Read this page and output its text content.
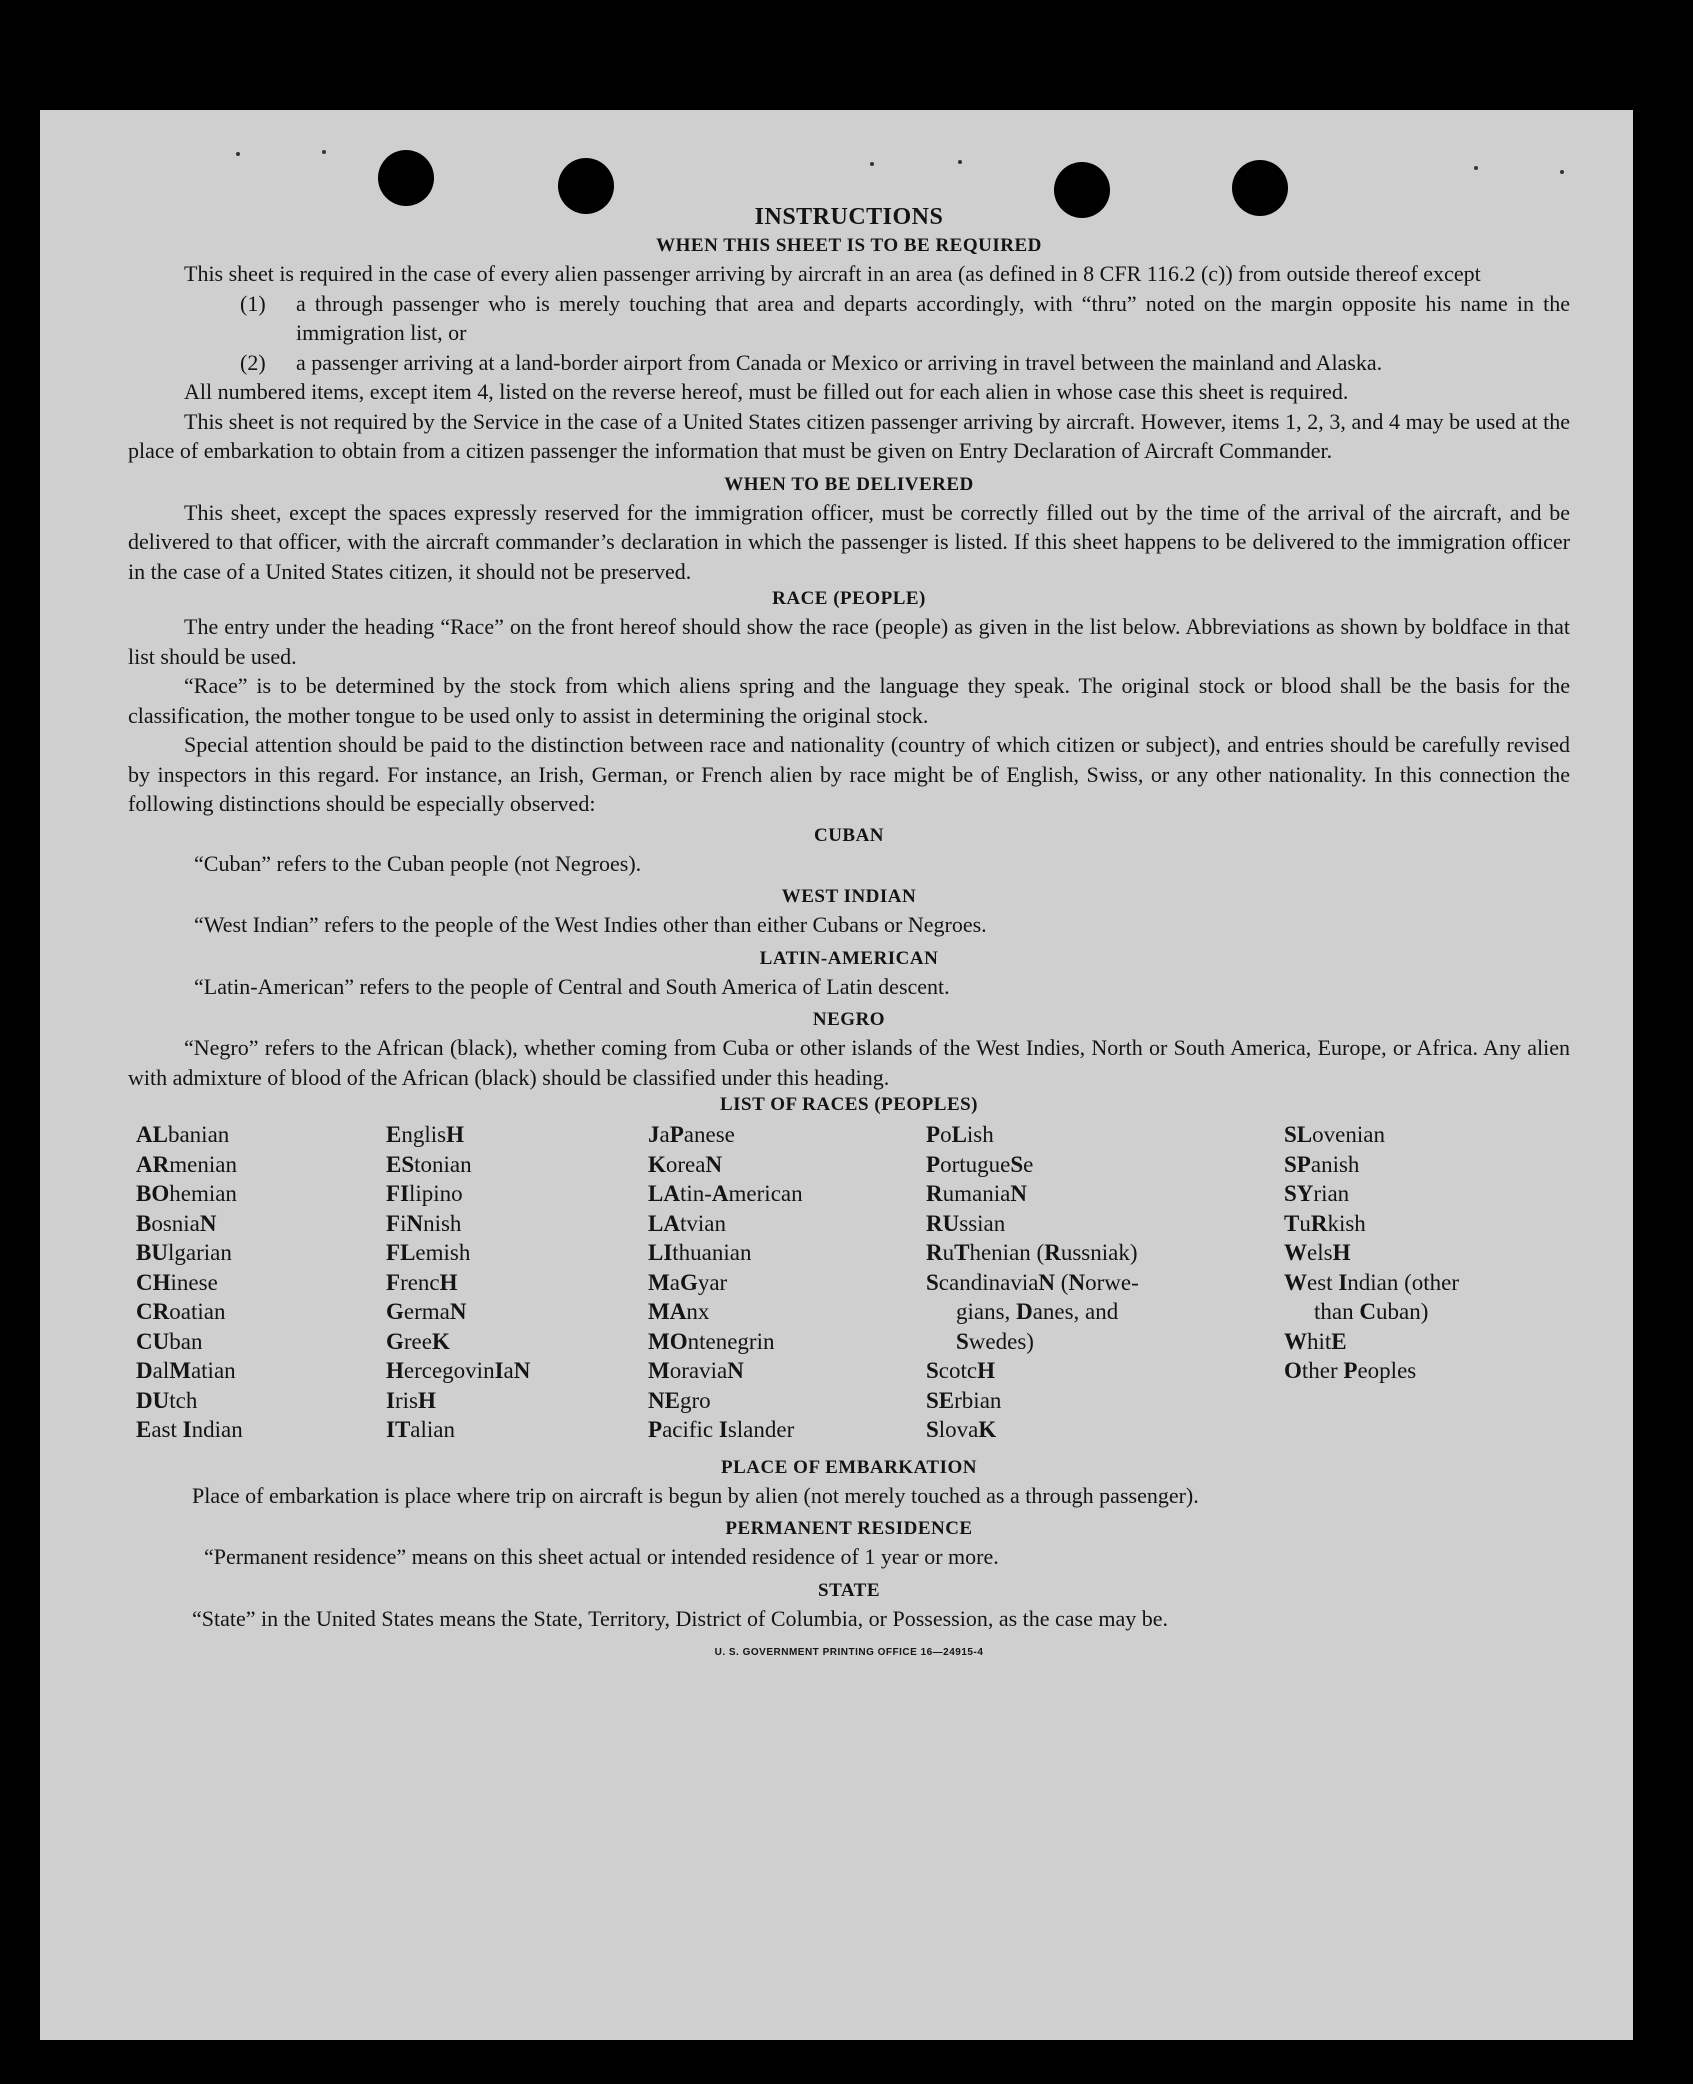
INSTRUCTIONS
WHEN THIS SHEET IS TO BE REQUIRED

This sheet is required in the case of every alien passenger arriving by aircraft in an area (as defined in 8 CFR 116.2 (c)) from outside thereof except

(1) a through passenger who is merely touching that area and departs accordingly, with “thru” noted on the margin opposite his name in the immigration list, or
(2) a passenger arriving at a land-border airport from Canada or Mexico or arriving in travel between the mainland and Alaska.

All numbered items, except item 4, listed on the reverse hereof, must be filled out for each alien in whose case this sheet is required.

This sheet is not required by the Service in the case of a United States citizen passenger arriving by aircraft. However, items 1, 2, 3, and 4 may be used at the place of embarkation to obtain from a citizen passenger the information that must be given on Entry Declaration of Aircraft Commander.

WHEN TO BE DELIVERED

This sheet, except the spaces expressly reserved for the immigration officer, must be correctly filled out by the time of the arrival of the aircraft, and be delivered to that officer, with the aircraft commander’s declaration in which the passenger is listed. If this sheet happens to be delivered to the immigration officer in the case of a United States citizen, it should not be preserved.

RACE (PEOPLE)

The entry under the heading “Race” on the front hereof should show the race (people) as given in the list below. Abbreviations as shown by boldface in that list should be used.

“Race” is to be determined by the stock from which aliens spring and the language they speak. The original stock or blood shall be the basis for the classification, the mother tongue to be used only to assist in determining the original stock.

Special attention should be paid to the distinction between race and nationality (country of which citizen or subject), and entries should be carefully revised by inspectors in this regard. For instance, an Irish, German, or French alien by race might be of English, Swiss, or any other nationality. In this connection the following distinctions should be especially observed:

CUBAN

“Cuban” refers to the Cuban people (not Negroes).

WEST INDIAN

“West Indian” refers to the people of the West Indies other than either Cubans or Negroes.

LATIN-AMERICAN

“Latin-American” refers to the people of Central and South America of Latin descent.

NEGRO

“Negro” refers to the African (black), whether coming from Cuba or other islands of the West Indies, North or South America, Europe, or Africa. Any alien with admixture of blood of the African (black) should be classified under this heading.

LIST OF RACES (PEOPLES)
ALbanian
ARmenian
BOhemian
BosniaN
BUlgarian
CHinese
CRoatian
CUban
DalMatian
DUtch
East Indian
EnglisH
EStonian
FIlipino
FiNnish
FLemish
FrencH
GermaN
GreeK
HercegovinIaN
IrisH
ITalian
JaPanese
KoreaN
LAtin-American
LAtvian
LIthuanian
MaGyar
MAnx
MOntenegrin
MoraviaN
NEgro
Pacific Islander
PoLish
PortugueSe
RumaniaN
RUssian
RuThenian (Russniak)
ScandinaviaN (Norwe-
gians, Danes, and
Swedes)
ScotcH
SErbian
SlovaK
SLovenian
SPanish
SYrian
TuRkish
WelsH
West Indian (other
than Cuban)
WhitE
Other Peoples
PLACE OF EMBARKATION

Place of embarkation is place where trip on aircraft is begun by alien (not merely touched as a through passenger).

PERMANENT RESIDENCE

“Permanent residence” means on this sheet actual or intended residence of 1 year or more.

STATE

“State” in the United States means the State, Territory, District of Columbia, or Possession, as the case may be.

U. S. GOVERNMENT PRINTING OFFICE 16—24915-4
